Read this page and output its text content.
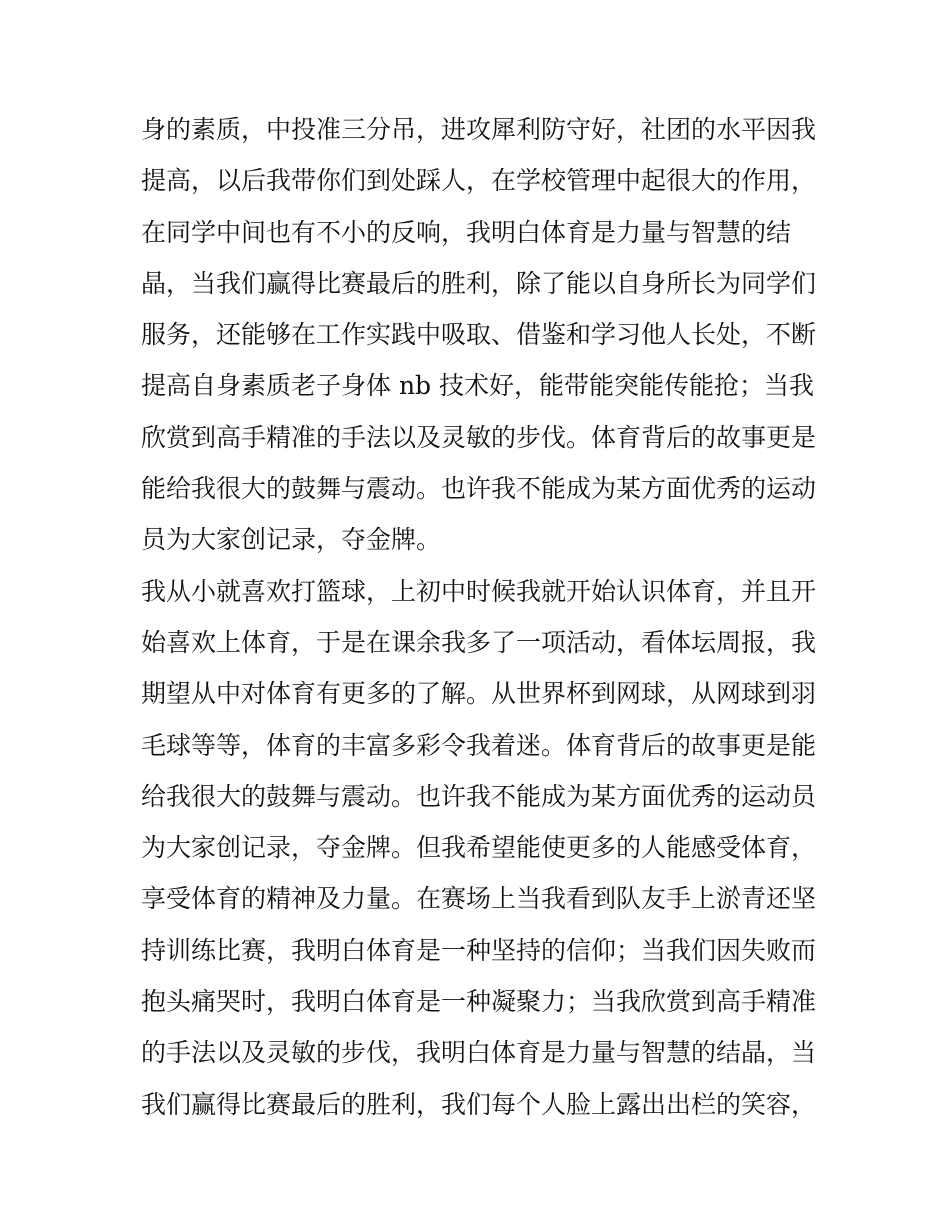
身的素质，中投准三分吊，进攻犀利防守好，社团的水平因我
提高，以后我带你们到处踩人，在学校管理中起很大的作用，
在同学中间也有不小的反响，我明白体育是力量与智慧的结
晶，当我们赢得比赛最后的胜利，除了能以自身所长为同学们
服务，还能够在工作实践中吸取、借鉴和学习他人长处，不断
提高自身素质老子身体 nb 技术好，能带能突能传能抢；当我
欣赏到高手精准的手法以及灵敏的步伐。体育背后的故事更是
能给我很大的鼓舞与震动。也许我不能成为某方面优秀的运动
员为大家创记录，夺金牌。
我从小就喜欢打篮球，上初中时候我就开始认识体育，并且开
始喜欢上体育，于是在课余我多了一项活动，看体坛周报，我
期望从中对体育有更多的了解。从世界杯到网球，从网球到羽
毛球等等，体育的丰富多彩令我着迷。体育背后的故事更是能
给我很大的鼓舞与震动。也许我不能成为某方面优秀的运动员
为大家创记录，夺金牌。但我希望能使更多的人能感受体育，
享受体育的精神及力量。在赛场上当我看到队友手上淤青还坚
持训练比赛，我明白体育是一种坚持的信仰；当我们因失败而
抱头痛哭时，我明白体育是一种凝聚力；当我欣赏到高手精准
的手法以及灵敏的步伐，我明白体育是力量与智慧的结晶，当
我们赢得比赛最后的胜利，我们每个人脸上露出出栏的笑容，
